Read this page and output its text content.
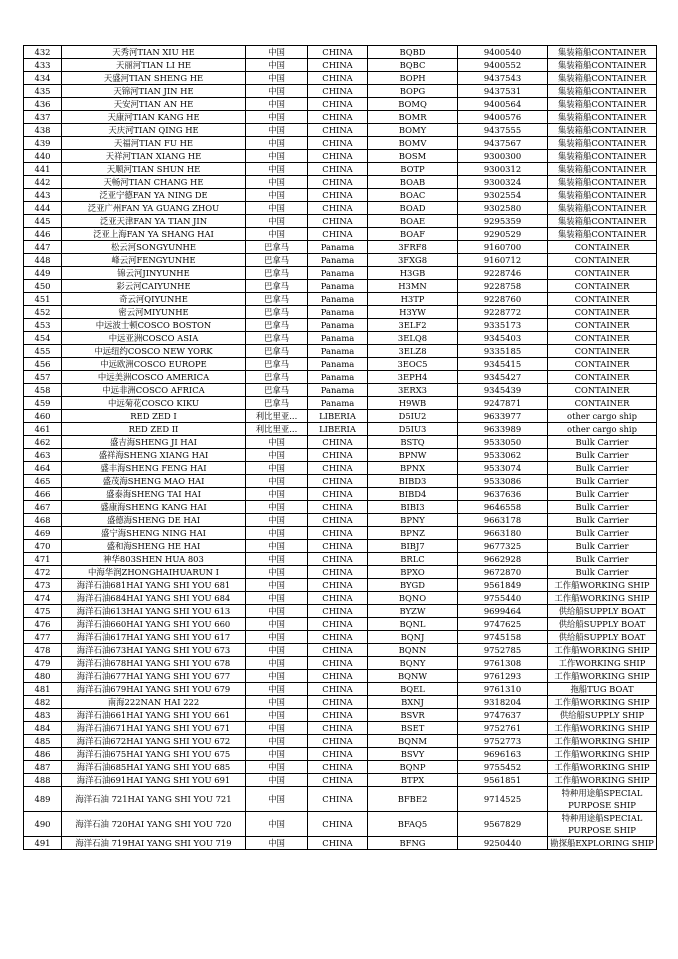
432	天秀河TIAN XIU HE	中国	CHINA	BQBD	9400540	集装箱船CONTAINER
433	天丽河TIAN LI HE	中国	CHINA	BQBC	9400552	集装箱船CONTAINER
434	天盛河TIAN SHENG HE	中国	CHINA	BOPH	9437543	集装箱船CONTAINER
435	天锦河TIAN JIN HE	中国	CHINA	BOPG	9437531	集装箱船CONTAINER
436	天安河TIAN AN HE	中国	CHINA	BOMQ	9400564	集装箱船CONTAINER
437	天康河TIAN KANG HE	中国	CHINA	BOMR	9400576	集装箱船CONTAINER
438	天庆河TIAN QING HE	中国	CHINA	BOMY	9437555	集装箱船CONTAINER
439	天福河TIAN FU HE	中国	CHINA	BOMV	9437567	集装箱船CONTAINER
440	天祥河TIAN XIANG HE	中国	CHINA	BOSM	9300300	集装箱船CONTAINER
441	天顺河TIAN SHUN HE	中国	CHINA	BOTP	9300312	集装箱船CONTAINER
442	天畅河TIAN CHANG HE	中国	CHINA	BOAB	9300324	集装箱船CONTAINER
443	泛亚宁德FAN YA NING DE	中国	CHINA	BOAC	9302554	集装箱船CONTAINER
444	泛亚广州FAN YA GUANG ZHOU	中国	CHINA	BOAD	9302580	集装箱船CONTAINER
445	泛亚天津FAN YA TIAN JIN	中国	CHINA	BOAE	9295359	集装箱船CONTAINER
446	泛亚上海FAN YA SHANG HAI	中国	CHINA	BOAF	9290529	集装箱船CONTAINER
447	松云河SONGYUNHE	巴拿马	Panama	3FRF8	9160700	CONTAINER
448	峰云河FENGYUNHE	巴拿马	Panama	3FXG8	9160712	CONTAINER
449	锦云河JINYUNHE	巴拿马	Panama	H3GB	9228746	CONTAINER
450	彩云河CAIYUNHE	巴拿马	Panama	H3MN	9228758	CONTAINER
451	奇云河QIYUNHE	巴拿马	Panama	H3TP	9228760	CONTAINER
452	密云河MIYUNHE	巴拿马	Panama	H3YW	9228772	CONTAINER
453	中远波士顿COSCO BOSTON	巴拿马	Panama	3ELF2	9335173	CONTAINER
454	中远亚洲COSCO ASIA	巴拿马	Panama	3ELQ8	9345403	CONTAINER
455	中远纽约COSCO NEW YORK	巴拿马	Panama	3ELZ8	9335185	CONTAINER
456	中远欧洲COSCO EUROPE	巴拿马	Panama	3EOC5	9345415	CONTAINER
457	中远美洲COSCO AMERICA	巴拿马	Panama	3EPH4	9345427	CONTAINER
458	中远非洲COSCO AFRICA	巴拿马	Panama	3ERX3	9345439	CONTAINER
459	中远菊花COSCO KIKU	巴拿马	Panama	H9WB	9247871	CONTAINER
460	RED ZED I	利比里亚...	LIBERIA	D5IU2	9633977	other cargo ship
461	RED ZED II	利比里亚...	LIBERIA	D5IU3	9633989	other cargo ship
462	盛吉海SHENG JI HAI	中国	CHINA	BSTQ	9533050	Bulk Carrier
463	盛祥海SHENG XIANG HAI	中国	CHINA	BPNW	9533062	Bulk Carrier
464	盛丰海SHENG FENG HAI	中国	CHINA	BPNX	9533074	Bulk Carrier
465	盛茂海SHENG MAO HAI	中国	CHINA	BIBD3	9533086	Bulk Carrier
466	盛泰海SHENG TAI HAI	中国	CHINA	BIBD4	9637636	Bulk Carrier
467	盛康海SHENG KANG HAI	中国	CHINA	BIBI3	9646558	Bulk Carrier
468	盛德海SHENG DE HAI	中国	CHINA	BPNY	9663178	Bulk Carrier
469	盛宁海SHENG NING HAI	中国	CHINA	BPNZ	9663180	Bulk Carrier
470	盛和海SHENG HE HAI	中国	CHINA	BIBJ7	9677325	Bulk Carrier
471	神华803SHEN HUA 803	中国	CHINA	BRLC	9662928	Bulk Carrier
472	中海华润ZHONGHAIHUARUN I	中国	CHINA	BPXO	9672870	Bulk Carrier
473	海洋石油681HAI YANG SHI YOU 681	中国	CHINA	BYGD	9561849	工作船WORKING SHIP
474	海洋石油684HAI YANG SHI YOU 684	中国	CHINA	BQNO	9755440	工作船WORKING SHIP
475	海洋石油613HAI YANG SHI YOU 613	中国	CHINA	BYZW	9699464	供给船SUPPLY BOAT
476	海洋石油660HAI YANG SHI YOU 660	中国	CHINA	BQNL	9747625	供给船SUPPLY BOAT
477	海洋石油617HAI YANG SHI YOU 617	中国	CHINA	BQNJ	9745158	供给船SUPPLY BOAT
478	海洋石油673HAI YANG SHI YOU 673	中国	CHINA	BQNN	9752785	工作船WORKING SHIP
479	海洋石油678HAI YANG SHI YOU 678	中国	CHINA	BQNY	9761308	工作WORKING SHIP
480	海洋石油677HAI YANG SHI YOU 677	中国	CHINA	BQNW	9761293	工作船WORKING SHIP
481	海洋石油679HAI YANG SHI YOU 679	中国	CHINA	BQEL	9761310	拖船TUG BOAT
482	南海222NAN HAI 222	中国	CHINA	BXNJ	9318204	工作船WORKING SHIP
483	海洋石油661HAI YANG SHI YOU 661	中国	CHINA	BSVR	9747637	供给船SUPPLY SHIP
484	海洋石油671HAI YANG SHI YOU 671	中国	CHINA	BSET	9752761	工作船WORKING SHIP
485	海洋石油672HAI YANG SHI YOU 672	中国	CHINA	BQNM	9752773	工作船WORKING SHIP
486	海洋石油675HAI YANG SHI YOU 675	中国	CHINA	BSVY	9696163	工作船WORKING SHIP
487	海洋石油685HAI YANG SHI YOU 685	中国	CHINA	BQNP	9755452	工作船WORKING SHIP
488	海洋石油691HAI YANG SHI YOU 691	中国	CHINA	BTPX	9561851	工作船WORKING SHIP
489	海洋石油 721HAI YANG SHI YOU 721	中国	CHINA	BFBE2	9714525	特种用途船SPECIAL PURPOSE SHIP
490	海洋石油 720HAI YANG SHI YOU 720	中国	CHINA	BFAQ5	9567829	特种用途船SPECIAL PURPOSE SHIP
491	海洋石油 719HAI YANG SHI YOU 719	中国	CHINA	BFNG	9250440	勘探船EXPLORING SHIP
